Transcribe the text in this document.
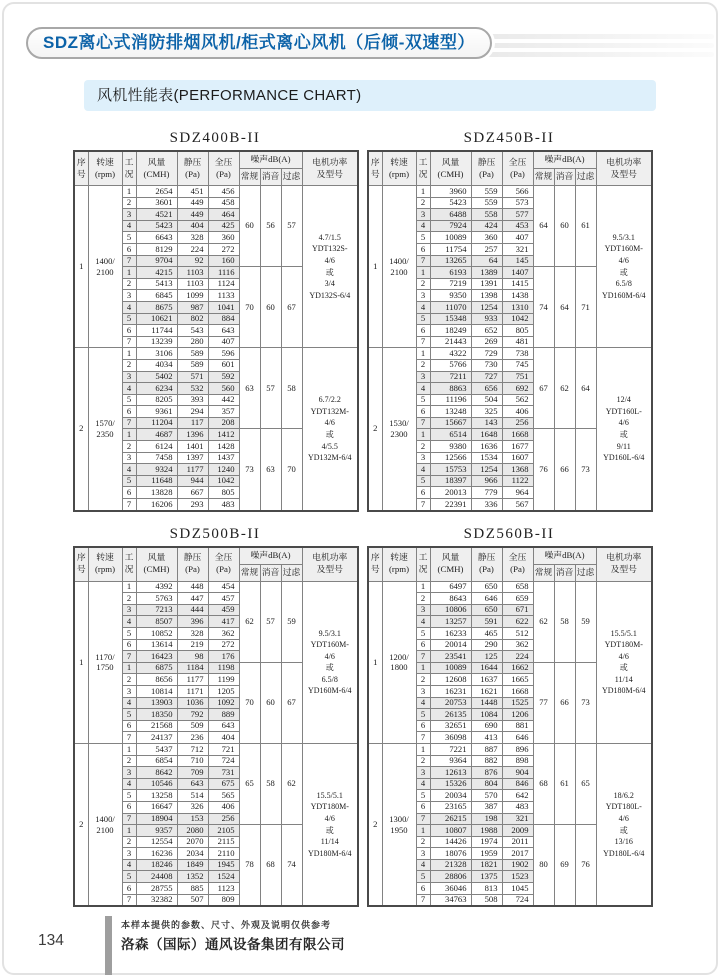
SDZ离心式消防排烟风机/柜式离心风机（后倾-双速型）
风机性能表(PERFORMANCE CHART)
SDZ400B-II
序
号	转速
(rpm)	工
况	风量
(CMH)	静压
(Pa)	全压
(Pa)	噪声dB(A)			电机功率
及型号
						常规	消音	过虑	
1	1400/
2100	1	2654	451	456	60	56	57	4.7/1.5
YDT132S-
4/6
或
3/4
YD132S-6/4
		2	3601	449	458				
		3	4521	449	464				
		4	5423	404	425				
		5	6643	328	360				
		6	8129	224	272				
		7	9704	92	160				
		1	4215	1103	1116	70	60	67	
		2	5413	1103	1124				
		3	6845	1099	1133				
		4	8675	987	1041				
		5	10621	802	884				
		6	11744	543	643				
		7	13239	280	407				
2	1570/
2350	1	3106	589	596	63	57	58	6.7/2.2
YDT132M-
4/6
或
4/5.5
YD132M-6/4
		2	4034	589	601				
		3	5402	571	592				
		4	6234	532	560				
		5	8205	393	442				
		6	9361	294	357				
		7	11204	117	208				
		1	4687	1396	1412	73	63	70	
		2	6124	1401	1428				
		3	7458	1397	1437				
		4	9324	1177	1240				
		5	11648	944	1042				
		6	13828	667	805				
		7	16206	293	483				
SDZ450B-II
序
号	转速
(rpm)	工
况	风量
(CMH)	静压
(Pa)	全压
(Pa)	噪声dB(A)			电机功率
及型号
						常规	消音	过虑	
1	1400/
2100	1	3960	559	566	64	60	61	9.5/3.1
YDT160M-
4/6
或
6.5/8
YD160M-6/4
		2	5423	559	573				
		3	6488	558	577				
		4	7924	424	453				
		5	10089	360	407				
		6	11754	257	321				
		7	13265	64	145				
		1	6193	1389	1407	74	64	71	
		2	7219	1391	1415				
		3	9350	1398	1438				
		4	11070	1254	1310				
		5	15348	933	1042				
		6	18249	652	805				
		7	21443	269	481				
2	1530/
2300	1	4322	729	738	67	62	64	12/4
YDT160L-
4/6
或
9/11
YD160L-6/4
		2	5766	730	745				
		3	7211	727	751				
		4	8863	656	692				
		5	11196	504	562				
		6	13248	325	406				
		7	15667	143	256				
		1	6514	1648	1668	76	66	73	
		2	9380	1636	1677				
		3	12566	1534	1607				
		4	15753	1254	1368				
		5	18397	966	1122				
		6	20013	779	964				
		7	22391	336	567				
SDZ500B-II
序
号	转速
(rpm)	工
况	风量
(CMH)	静压
(Pa)	全压
(Pa)	噪声dB(A)			电机功率
及型号
						常规	消音	过虑	
1	1170/
1750	1	4392	448	454	62	57	59	9.5/3.1
YDT160M-
4/6
或
6.5/8
YD160M-6/4
		2	5763	447	457				
		3	7213	444	459				
		4	8507	396	417				
		5	10852	328	362				
		6	13614	219	272				
		7	16423	98	176				
		1	6875	1184	1198	70	60	67	
		2	8656	1177	1199				
		3	10814	1171	1205				
		4	13903	1036	1092				
		5	18350	792	889				
		6	21568	509	643				
		7	24137	236	404				
2	1400/
2100	1	5437	712	721	65	58	62	15.5/5.1
YDT180M-
4/6
或
11/14
YD180M-6/4
		2	6854	710	724				
		3	8642	709	731				
		4	10546	643	675				
		5	13258	514	565				
		6	16647	326	406				
		7	18904	153	256				
		1	9357	2080	2105	78	68	74	
		2	12554	2070	2115				
		3	16236	2034	2110				
		4	18246	1849	1945				
		5	24408	1352	1524				
		6	28755	885	1123				
		7	32382	507	809				
SDZ560B-II
序
号	转速
(rpm)	工
况	风量
(CMH)	静压
(Pa)	全压
(Pa)	噪声dB(A)			电机功率
及型号
						常规	消音	过虑	
1	1200/
1800	1	6497	650	658	62	58	59	15.5/5.1
YDT180M-
4/6
或
11/14
YD180M-6/4
		2	8643	646	659				
		3	10806	650	671				
		4	13257	591	622				
		5	16233	465	512				
		6	20014	290	362				
		7	23541	125	224				
		1	10089	1644	1662	77	66	73	
		2	12608	1637	1665				
		3	16231	1621	1668				
		4	20753	1448	1525				
		5	26135	1084	1206				
		6	32651	690	881				
		7	36098	413	646				
2	1300/
1950	1	7221	887	896	68	61	65	18/6.2
YDT180L-
4/6
或
13/16
YD180L-6/4
		2	9364	882	898				
		3	12613	876	904				
		4	15326	804	846				
		5	20034	570	642				
		6	23165	387	483				
		7	26215	198	321				
		1	10807	1988	2009	80	69	76	
		2	14426	1974	2011				
		3	18076	1959	2017				
		4	21328	1821	1902				
		5	28806	1375	1523				
		6	36046	813	1045				
		7	34763	508	724				
134
本样本提供的参数、尺寸、外观及说明仅供参考
洛森（国际）通风设备集团有限公司
